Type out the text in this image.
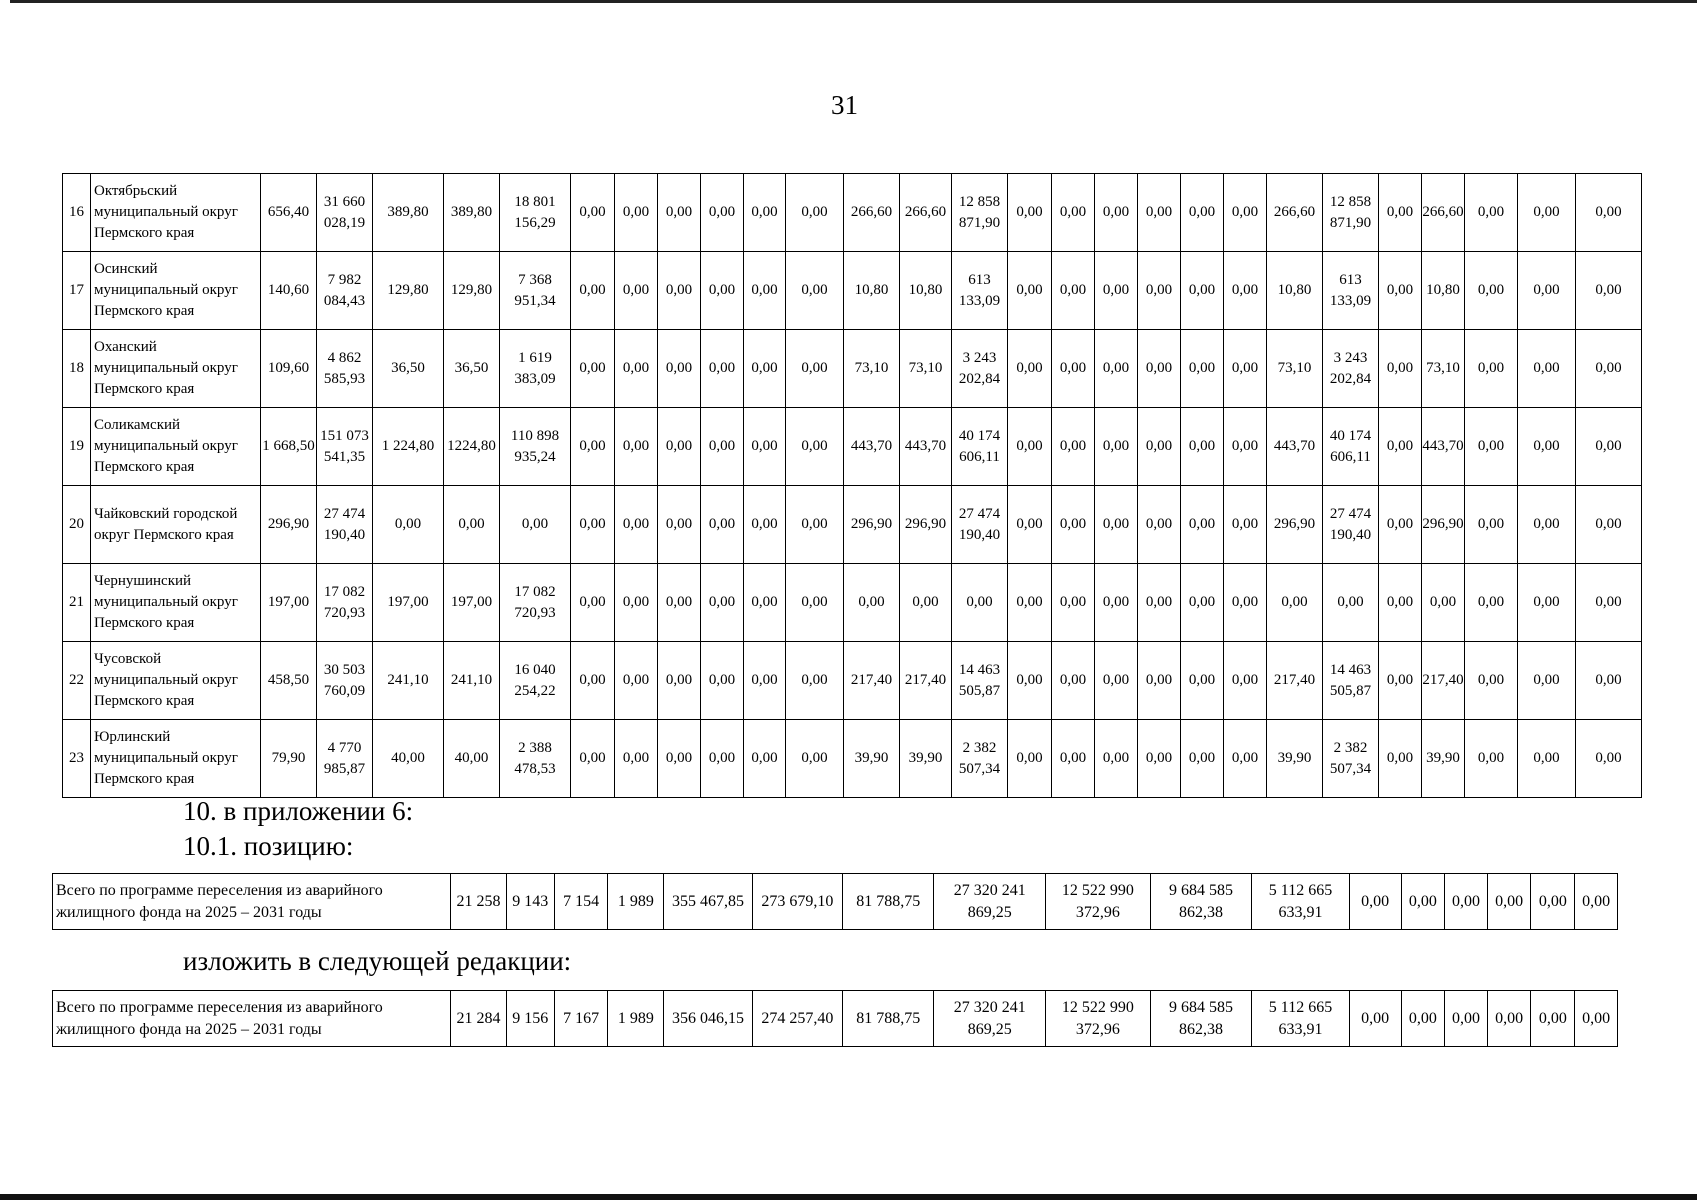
31
16	Октябрьский муниципальный округ Пермского края	656,40	31 660 028,19	389,80	389,80	18 801 156,29	0,00	0,00	0,00	0,00	0,00	0,00	266,60	266,60	12 858 871,90	0,00	0,00	0,00	0,00	0,00	0,00	266,60	12 858 871,90	0,00	266,60	0,00	0,00	0,00
17	Осинский муниципальный округ Пермского края	140,60	7 982 084,43	129,80	129,80	7 368 951,34	0,00	0,00	0,00	0,00	0,00	0,00	10,80	10,80	613 133,09	0,00	0,00	0,00	0,00	0,00	0,00	10,80	613 133,09	0,00	10,80	0,00	0,00	0,00
18	Оханский муниципальный округ Пермского края	109,60	4 862 585,93	36,50	36,50	1 619 383,09	0,00	0,00	0,00	0,00	0,00	0,00	73,10	73,10	3 243 202,84	0,00	0,00	0,00	0,00	0,00	0,00	73,10	3 243 202,84	0,00	73,10	0,00	0,00	0,00
19	Соликамский муниципальный округ Пермского края	1 668,50	151 073 541,35	1 224,80	1224,80	110 898 935,24	0,00	0,00	0,00	0,00	0,00	0,00	443,70	443,70	40 174 606,11	0,00	0,00	0,00	0,00	0,00	0,00	443,70	40 174 606,11	0,00	443,70	0,00	0,00	0,00
20	Чайковский городской округ Пермского края	296,90	27 474 190,40	0,00	0,00	0,00	0,00	0,00	0,00	0,00	0,00	0,00	296,90	296,90	27 474 190,40	0,00	0,00	0,00	0,00	0,00	0,00	296,90	27 474 190,40	0,00	296,90	0,00	0,00	0,00
21	Чернушинский муниципальный округ Пермского края	197,00	17 082 720,93	197,00	197,00	17 082 720,93	0,00	0,00	0,00	0,00	0,00	0,00	0,00	0,00	0,00	0,00	0,00	0,00	0,00	0,00	0,00	0,00	0,00	0,00	0,00	0,00	0,00	0,00
22	Чусовской муниципальный округ Пермского края	458,50	30 503 760,09	241,10	241,10	16 040 254,22	0,00	0,00	0,00	0,00	0,00	0,00	217,40	217,40	14 463 505,87	0,00	0,00	0,00	0,00	0,00	0,00	217,40	14 463 505,87	0,00	217,40	0,00	0,00	0,00
23	Юрлинский муниципальный округ Пермского края	79,90	4 770 985,87	40,00	40,00	2 388 478,53	0,00	0,00	0,00	0,00	0,00	0,00	39,90	39,90	2 382 507,34	0,00	0,00	0,00	0,00	0,00	0,00	39,90	2 382 507,34	0,00	39,90	0,00	0,00	0,00
10. в приложении 6:
10.1. позицию:
Всего по программе переселения из аварийного жилищного фонда на 2025 – 2031 годы	21 258	9 143	7 154	1 989	355 467,85	273 679,10	81 788,75	27 320 241 869,25	12 522 990 372,96	9 684 585 862,38	5 112 665 633,91	0,00	0,00	0,00	0,00	0,00	0,00
изложить в следующей редакции:
Всего по программе переселения из аварийного жилищного фонда на 2025 – 2031 годы	21 284	9 156	7 167	1 989	356 046,15	274 257,40	81 788,75	27 320 241 869,25	12 522 990 372,96	9 684 585 862,38	5 112 665 633,91	0,00	0,00	0,00	0,00	0,00	0,00
